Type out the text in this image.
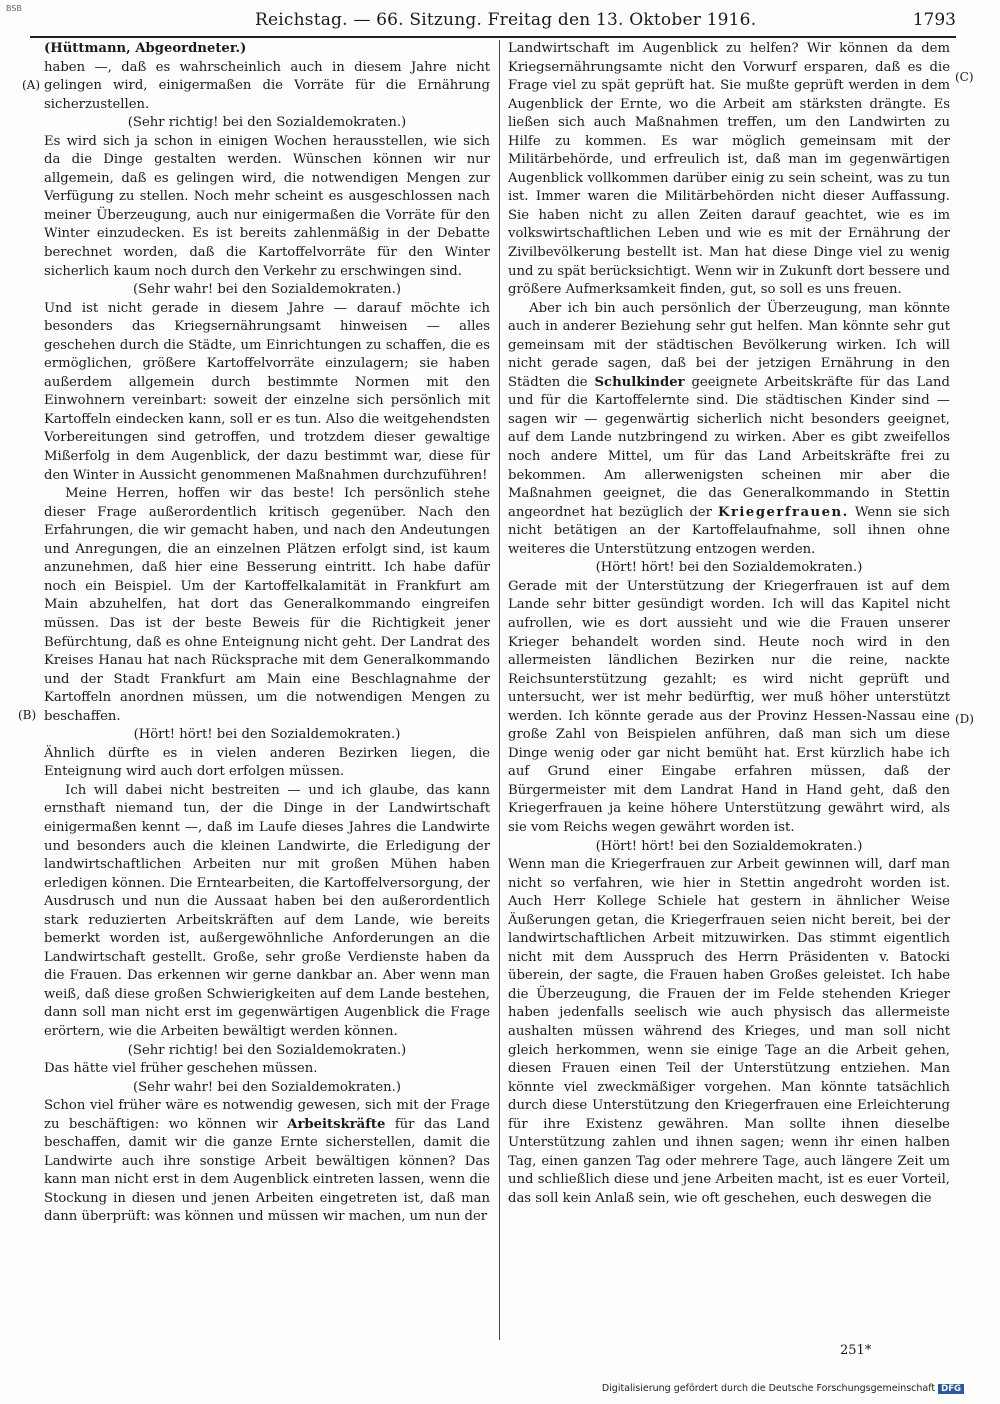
BSB
Reichstag. — 66. Sitzung. Freitag den 13. Oktober 1916.	1793
(A)
(B)
(C)
(D)

(Hüttmann, Abgeordneter.)

haben —, daß es wahrscheinlich auch in diesem Jahre nicht gelingen wird, einigermaßen die Vorräte für die Ernährung sicherzustellen.

(Sehr richtig! bei den Sozialdemokraten.)

Es wird sich ja schon in einigen Wochen herausstellen, wie sich da die Dinge gestalten werden. Wünschen können wir nur allgemein, daß es gelingen wird, die notwendigen Mengen zur Verfügung zu stellen. Noch mehr scheint es ausgeschlossen nach meiner Überzeugung, auch nur einigermaßen die Vorräte für den Winter einzudecken. Es ist bereits zahlenmäßig in der Debatte berechnet worden, daß die Kartoffelvorräte für den Winter sicherlich kaum noch durch den Verkehr zu erschwingen sind.

(Sehr wahr! bei den Sozialdemokraten.)

Und ist nicht gerade in diesem Jahre — darauf möchte ich besonders das Kriegsernährungsamt hinweisen — alles geschehen durch die Städte, um Einrichtungen zu schaffen, die es ermöglichen, größere Kartoffelvorräte einzulagern; sie haben außerdem allgemein durch bestimmte Normen mit den Einwohnern vereinbart: soweit der einzelne sich persönlich mit Kartoffeln eindecken kann, soll er es tun. Also die weitgehendsten Vorbereitungen sind getroffen, und trotzdem dieser gewaltige Mißerfolg in dem Augenblick, der dazu bestimmt war, diese für den Winter in Aussicht genommenen Maßnahmen durchzuführen!

Meine Herren, hoffen wir das beste! Ich persönlich stehe dieser Frage außerordentlich kritisch gegenüber. Nach den Erfahrungen, die wir gemacht haben, und nach den Andeutungen und Anregungen, die an einzelnen Plätzen erfolgt sind, ist kaum anzunehmen, daß hier eine Besserung eintritt. Ich habe dafür noch ein Beispiel. Um der Kartoffelkalamität in Frankfurt am Main abzuhelfen, hat dort das Generalkommando eingreifen müssen. Das ist der beste Beweis für die Richtigkeit jener Befürchtung, daß es ohne Enteignung nicht geht. Der Landrat des Kreises Hanau hat nach Rücksprache mit dem Generalkommando und der Stadt Frankfurt am Main eine Beschlagnahme der Kartoffeln anordnen müssen, um die notwendigen Mengen zu beschaffen.

(Hört! hört! bei den Sozialdemokraten.)

Ähnlich dürfte es in vielen anderen Bezirken liegen, die Enteignung wird auch dort erfolgen müssen.

Ich will dabei nicht bestreiten — und ich glaube, das kann ernsthaft niemand tun, der die Dinge in der Landwirtschaft einigermaßen kennt —, daß im Laufe dieses Jahres die Landwirte und besonders auch die kleinen Landwirte, die Erledigung der landwirtschaftlichen Arbeiten nur mit großen Mühen haben erledigen können. Die Erntearbeiten, die Kartoffelversorgung, der Ausdrusch und nun die Aussaat haben bei den außerordentlich stark reduzierten Arbeitskräften auf dem Lande, wie bereits bemerkt worden ist, außergewöhnliche Anforderungen an die Landwirtschaft gestellt. Große, sehr große Verdienste haben da die Frauen. Das erkennen wir gerne dankbar an. Aber wenn man weiß, daß diese großen Schwierigkeiten auf dem Lande bestehen, dann soll man nicht erst im gegenwärtigen Augenblick die Frage erörtern, wie die Arbeiten bewältigt werden können.

(Sehr richtig! bei den Sozialdemokraten.)

Das hätte viel früher geschehen müssen.

(Sehr wahr! bei den Sozialdemokraten.)

Schon viel früher wäre es notwendig gewesen, sich mit der Frage zu beschäftigen: wo können wir Arbeitskräfte für das Land beschaffen, damit wir die ganze Ernte sicherstellen, damit die Landwirte auch ihre sonstige Arbeit bewältigen können? Das kann man nicht erst in dem Augenblick eintreten lassen, wenn die Stockung in diesen und jenen Arbeiten eingetreten ist, daß man dann überprüft: was können und müssen wir machen, um nun der

Landwirtschaft im Augenblick zu helfen? Wir können da dem Kriegsernährungsamte nicht den Vorwurf ersparen, daß es die Frage viel zu spät geprüft hat. Sie mußte geprüft werden in dem Augenblick der Ernte, wo die Arbeit am stärksten drängte. Es ließen sich auch Maßnahmen treffen, um den Landwirten zu Hilfe zu kommen. Es war möglich gemeinsam mit der Militärbehörde, und erfreulich ist, daß man im gegenwärtigen Augenblick vollkommen darüber einig zu sein scheint, was zu tun ist. Immer waren die Militärbehörden nicht dieser Auffassung. Sie haben nicht zu allen Zeiten darauf geachtet, wie es im volkswirtschaftlichen Leben und wie es mit der Ernährung der Zivilbevölkerung bestellt ist. Man hat diese Dinge viel zu wenig und zu spät berücksichtigt. Wenn wir in Zukunft dort bessere und größere Aufmerksamkeit finden, gut, so soll es uns freuen.

Aber ich bin auch persönlich der Überzeugung, man könnte auch in anderer Beziehung sehr gut helfen. Man könnte sehr gut gemeinsam mit der städtischen Bevölkerung wirken. Ich will nicht gerade sagen, daß bei der jetzigen Ernährung in den Städten die Schulkinder geeignete Arbeitskräfte für das Land und für die Kartoffelernte sind. Die städtischen Kinder sind — sagen wir — gegenwärtig sicherlich nicht besonders geeignet, auf dem Lande nutzbringend zu wirken. Aber es gibt zweifellos noch andere Mittel, um für das Land Arbeitskräfte frei zu bekommen. Am allerwenigsten scheinen mir aber die Maßnahmen geeignet, die das Generalkommando in Stettin angeordnet hat bezüglich der Kriegerfrauen. Wenn sie sich nicht betätigen an der Kartoffelaufnahme, soll ihnen ohne weiteres die Unterstützung entzogen werden.

(Hört! hört! bei den Sozialdemokraten.)

Gerade mit der Unterstützung der Kriegerfrauen ist auf dem Lande sehr bitter gesündigt worden. Ich will das Kapitel nicht aufrollen, wie es dort aussieht und wie die Frauen unserer Krieger behandelt worden sind. Heute noch wird in den allermeisten ländlichen Bezirken nur die reine, nackte Reichsunterstützung gezahlt; es wird nicht geprüft und untersucht, wer ist mehr bedürftig, wer muß höher unterstützt werden. Ich könnte gerade aus der Provinz Hessen-Nassau eine große Zahl von Beispielen anführen, daß man sich um diese Dinge wenig oder gar nicht bemüht hat. Erst kürzlich habe ich auf Grund einer Eingabe erfahren müssen, daß der Bürgermeister mit dem Landrat Hand in Hand geht, daß den Kriegerfrauen ja keine höhere Unterstützung gewährt wird, als sie vom Reichs wegen gewährt worden ist.

(Hört! hört! bei den Sozialdemokraten.)

Wenn man die Kriegerfrauen zur Arbeit gewinnen will, darf man nicht so verfahren, wie hier in Stettin angedroht worden ist. Auch Herr Kollege Schiele hat gestern in ähnlicher Weise Äußerungen getan, die Kriegerfrauen seien nicht bereit, bei der landwirtschaftlichen Arbeit mitzuwirken. Das stimmt eigentlich nicht mit dem Ausspruch des Herrn Präsidenten v. Batocki überein, der sagte, die Frauen haben Großes geleistet. Ich habe die Überzeugung, die Frauen der im Felde stehenden Krieger haben jedenfalls seelisch wie auch physisch das allermeiste aushalten müssen während des Krieges, und man soll nicht gleich herkommen, wenn sie einige Tage an die Arbeit gehen, diesen Frauen einen Teil der Unterstützung entziehen. Man könnte viel zweckmäßiger vorgehen. Man könnte tatsächlich durch diese Unterstützung den Kriegerfrauen eine Erleichterung für ihre Existenz gewähren. Man sollte ihnen dieselbe Unterstützung zahlen und ihnen sagen; wenn ihr einen halben Tag, einen ganzen Tag oder mehrere Tage, auch längere Zeit um und schließlich diese und jene Arbeiten macht, ist es euer Vorteil, das soll kein Anlaß sein, wie oft geschehen, euch deswegen die

251*
Digitalisierung gefördert durch die Deutsche Forschungsgemeinschaft DFG
